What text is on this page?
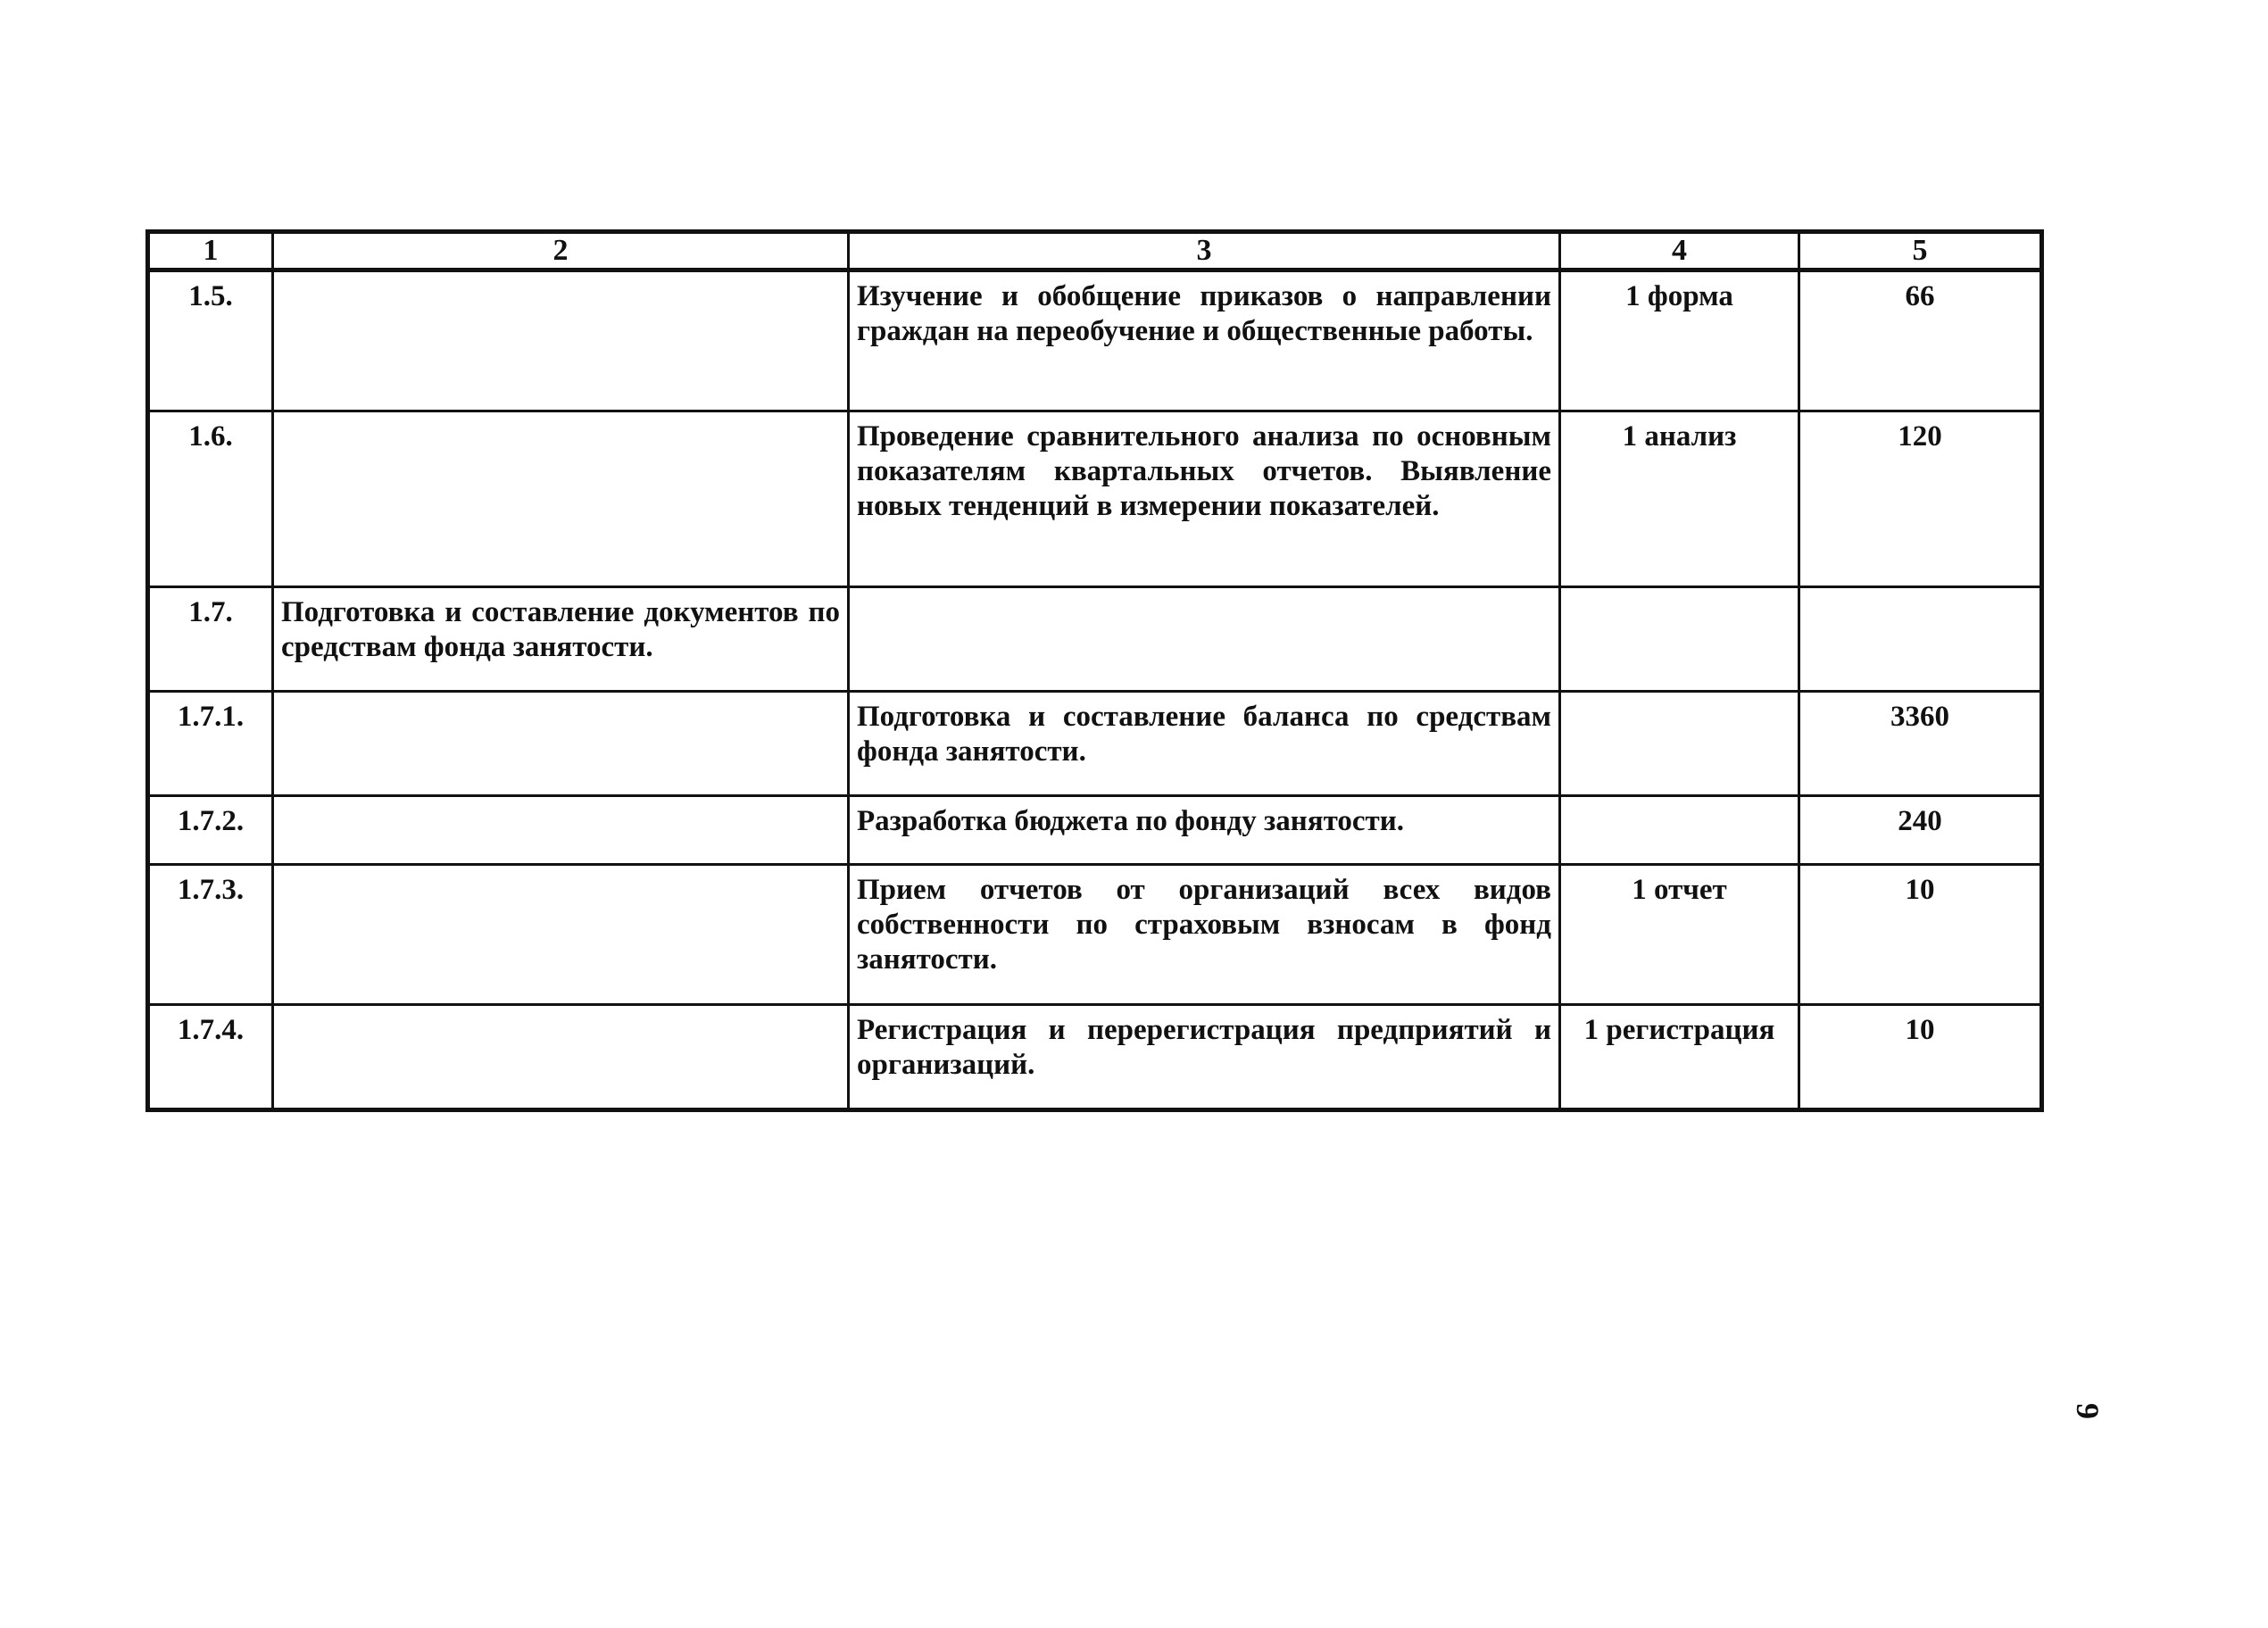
1	2	3	4	5
1.5.		Изучение и обобщение приказов о направлении граждан на переобучение и общественные работы.	1 форма	66
1.6.		Проведение сравнительного анализа по основным показателям квартальных отчетов. Выявление новых тенденций в измерении показателей.	1 анализ	120
1.7.	Подготовка и составление документов по средствам фонда занятости.			
1.7.1.		Подготовка и составление баланса по средствам фонда занятости.		3360
1.7.2.		Разработка бюджета по фонду занятости.		240
1.7.3.		Прием отчетов от организаций всех видов собственности по страховым взносам в фонд занятости.	1 отчет	10
1.7.4.		Регистрация и перерегистрация предприятий и организаций.	1 регистрация	10
9
